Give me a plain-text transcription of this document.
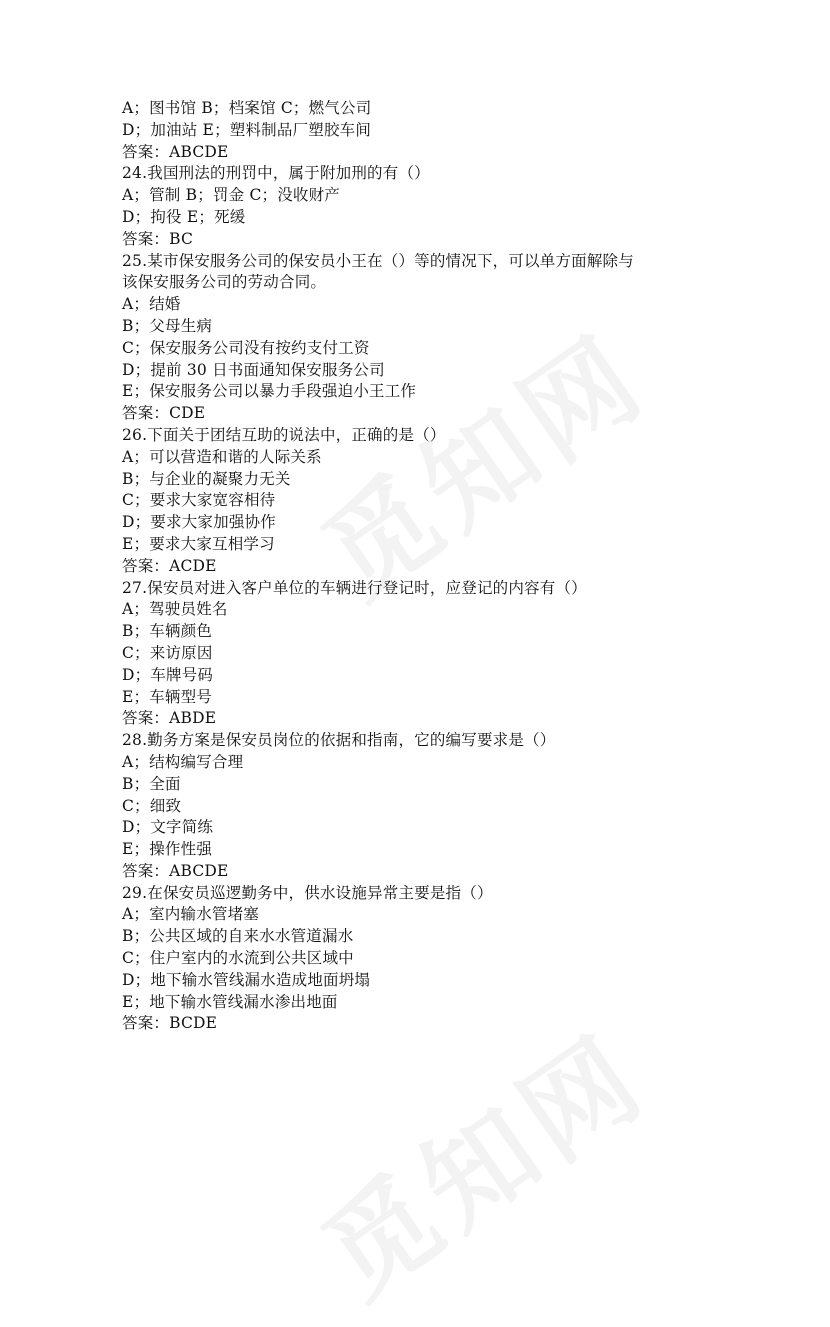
A；图书馆 B；档案馆 C；燃气公司
D；加油站 E；塑料制品厂塑胶车间
答案：ABCDE
24.我国刑法的刑罚中，属于附加刑的有（）
A；管制 B；罚金 C；没收财产
D；拘役 E；死缓
答案：BC
25.某市保安服务公司的保安员小王在（）等的情况下，可以单方面解除与
该保安服务公司的劳动合同。
A；结婚
B；父母生病
C；保安服务公司没有按约支付工资
D；提前 30 日书面通知保安服务公司
E；保安服务公司以暴力手段强迫小王工作
答案：CDE
26.下面关于团结互助的说法中，正确的是（）
A；可以营造和谐的人际关系
B；与企业的凝聚力无关
C；要求大家宽容相待
D；要求大家加强协作
E；要求大家互相学习
答案：ACDE
27.保安员对进入客户单位的车辆进行登记时，应登记的内容有（）
A；驾驶员姓名
B；车辆颜色
C；来访原因
D；车牌号码
E；车辆型号
答案：ABDE
28.勤务方案是保安员岗位的依据和指南，它的编写要求是（）
A；结构编写合理
B；全面
C；细致
D；文字简练
E；操作性强
答案：ABCDE
29.在保安员巡逻勤务中，供水设施异常主要是指（）
A；室内输水管堵塞
B；公共区域的自来水水管道漏水
C；住户室内的水流到公共区域中
D；地下输水管线漏水造成地面坍塌
E；地下输水管线漏水渗出地面
答案：BCDE
